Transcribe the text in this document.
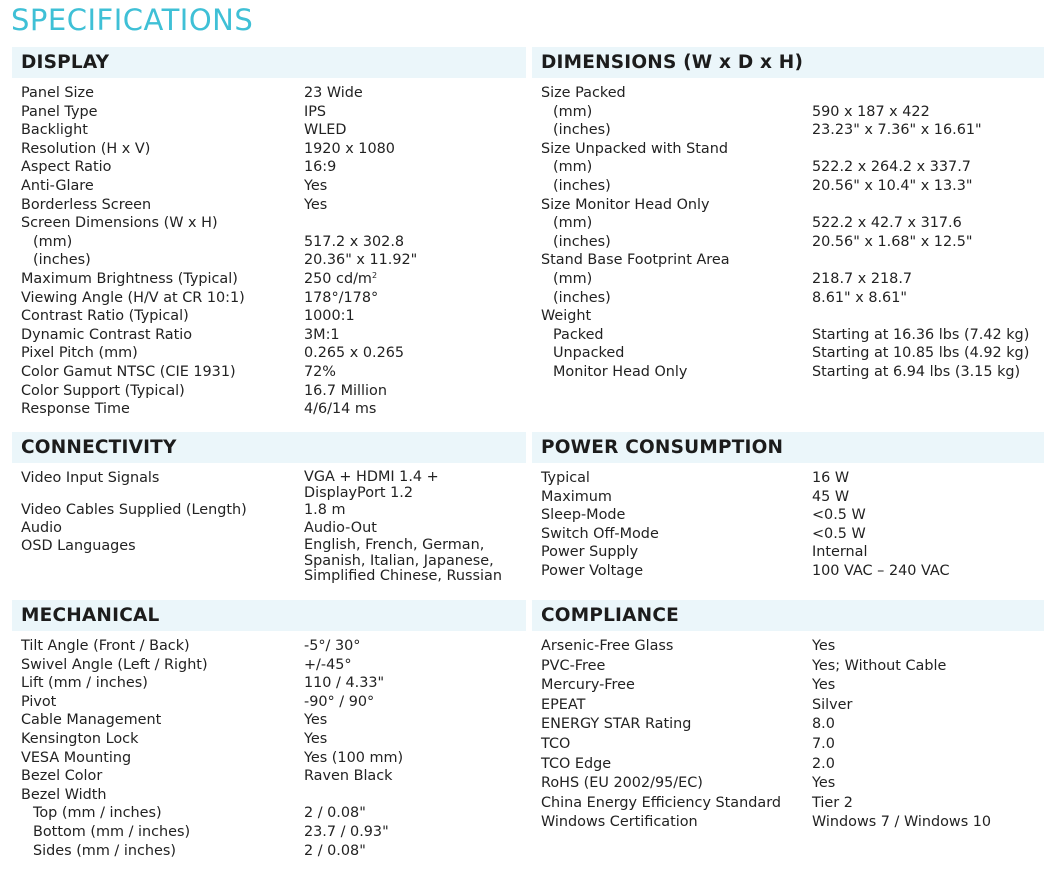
SPECIFICATIONS
DISPLAY
Panel Size	23 Wide
Panel Type	IPS
Backlight	WLED
Resolution (H x V)	1920 x 1080
Aspect Ratio	16:9
Anti-Glare	Yes
Borderless Screen	Yes
Screen Dimensions (W x H)
(mm)	517.2 x 302.8
(inches)	20.36" x 11.92"
Maximum Brightness (Typical)	250 $cd/m^2$
Viewing Angle (H/V at CR 10:1)	178°/178°
Contrast Ratio (Typical)	1000:1
Dynamic Contrast Ratio	3M:1
Pixel Pitch (mm)	0.265 x 0.265
Color Gamut NTSC (CIE 1931)	72%
Color Support (Typical)	16.7 Million
Response Time	4/6/14 ms
DIMENSIONS (W x D x H)
Size Packed
(mm)	590 x 187 x 422
(inches)	23.23" x 7.36" x 16.61"
Size Unpacked with Stand
(mm)	522.2 x 264.2 x 337.7
(inches)	20.56" x 10.4" x 13.3"
Size Monitor Head Only
(mm)	522.2 x 42.7 x 317.6
(inches)	20.56" x 1.68" x 12.5"
Stand Base Footprint Area
(mm)	218.7 x 218.7
(inches)	8.61" x 8.61"
Weight
Packed	Starting at 16.36 lbs (7.42 kg)
Unpacked	Starting at 10.85 lbs (4.92 kg)
Monitor Head Only	Starting at 6.94 lbs (3.15 kg)
CONNECTIVITY
Video Input Signals	VGA + HDMI 1.4 +
DisplayPort 1.2
Video Cables Supplied (Length)	1.8 m
Audio	Audio-Out
OSD Languages	English, French, German,
Spanish, Italian, Japanese,
Simplified Chinese, Russian
POWER CONSUMPTION
Typical	16 W
Maximum	45 W
Sleep-Mode	<0.5 W
Switch Off-Mode	<0.5 W
Power Supply	Internal
Power Voltage	100 VAC – 240 VAC
MECHANICAL
Tilt Angle (Front / Back)	-5°/ 30°
Swivel Angle (Left / Right)	+/-45°
Lift (mm / inches)	110 / 4.33"
Pivot	-90° / 90°
Cable Management	Yes
Kensington Lock	Yes
VESA Mounting	Yes (100 mm)
Bezel Color	Raven Black
Bezel Width
Top (mm / inches)	2 / 0.08"
Bottom (mm / inches)	23.7 / 0.93"
Sides (mm / inches)	2 / 0.08"
COMPLIANCE
Arsenic-Free Glass	Yes
PVC-Free	Yes; Without Cable
Mercury-Free	Yes
EPEAT	Silver
ENERGY STAR Rating	8.0
TCO	7.0
TCO Edge	2.0
RoHS (EU 2002/95/EC)	Yes
China Energy Efficiency Standard	Tier 2
Windows Certification	Windows 7 / Windows 10
